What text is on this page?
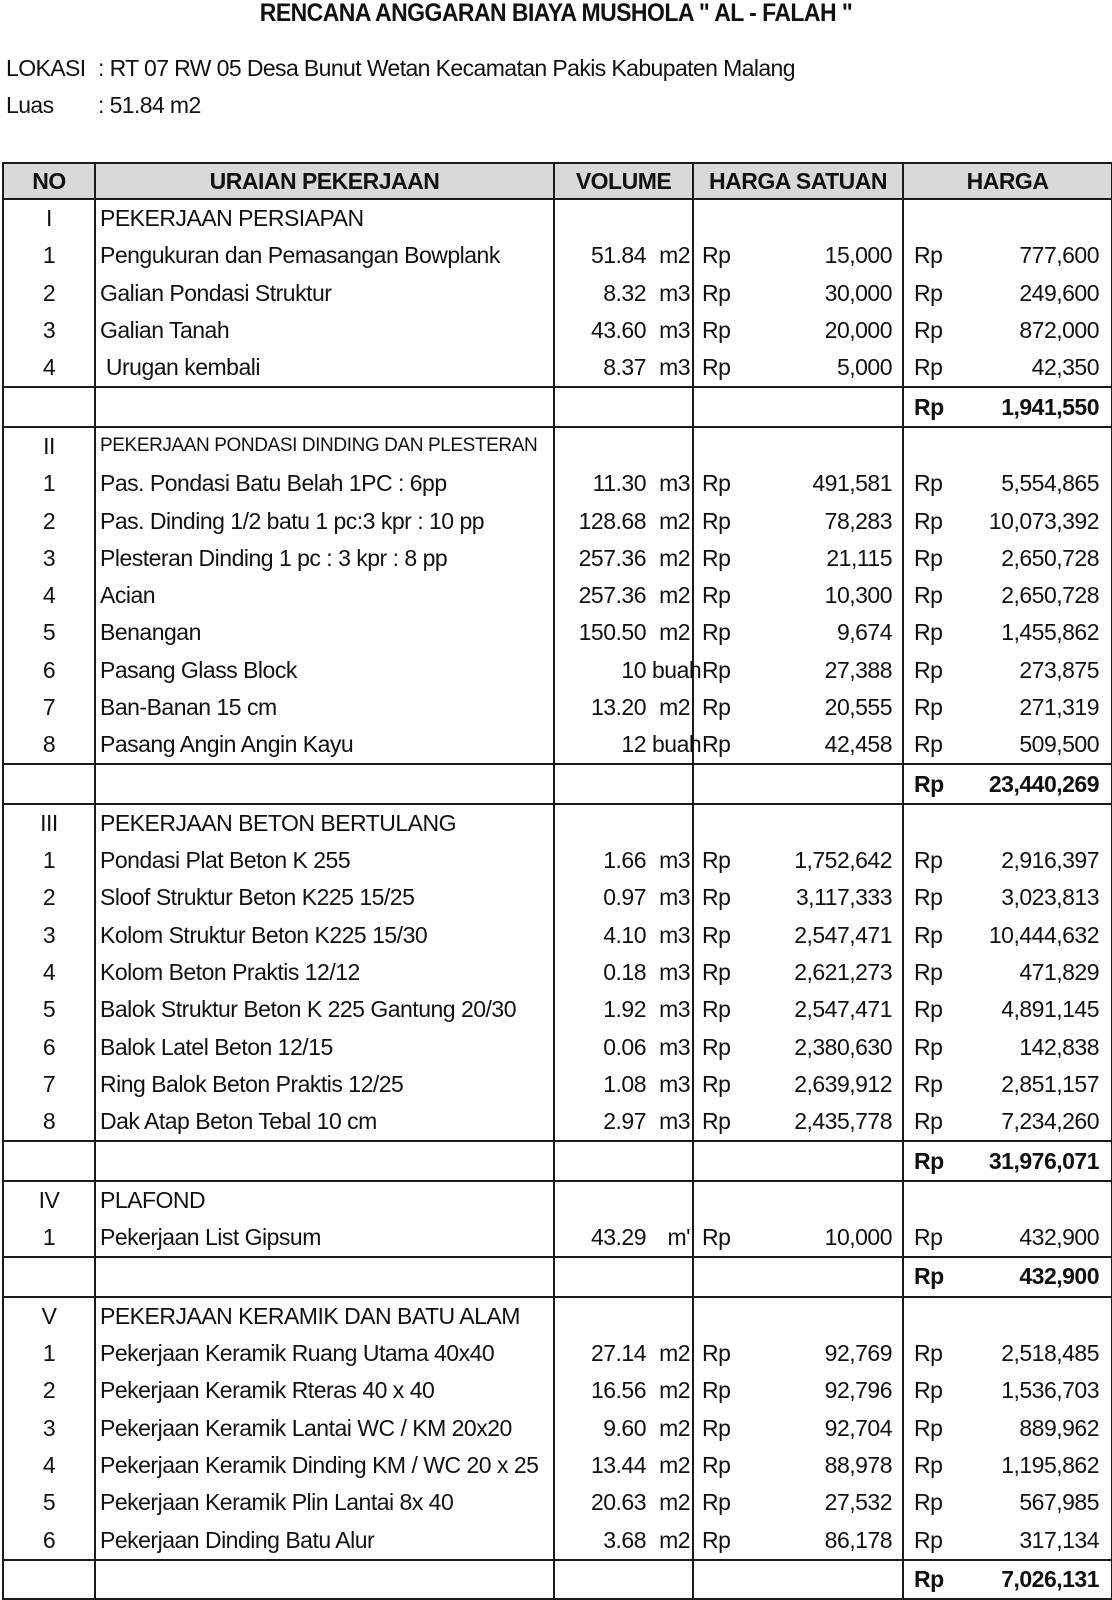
RENCANA ANGGARAN BIAYA MUSHOLA " AL - FALAH "
LOKASI : RT 07 RW 05 Desa Bunut Wetan Kecamatan Pakis Kabupaten Malang
Luas : 51.84 m2
NO	URAIAN PEKERJAAN	VOLUME		HARGA SATUAN		HARGA	
I	PEKERJAAN PERSIAPAN						
1	Pengukuran dan Pemasangan Bowplank	51.84	m2	Rp	15,000	Rp	777,600
2	Galian Pondasi Struktur	8.32	m3	Rp	30,000	Rp	249,600
3	Galian Tanah	43.60	m3	Rp	20,000	Rp	872,000
4	Urugan kembali	8.37	m3	Rp	5,000	Rp	42,350
						Rp	1,941,550
II	PEKERJAAN PONDASI DINDING DAN PLESTERAN						
1	Pas. Pondasi Batu Belah 1PC : 6pp	11.30	m3	Rp	491,581	Rp	5,554,865
2	Pas. Dinding 1/2 batu 1 pc:3 kpr : 10 pp	128.68	m2	Rp	78,283	Rp	10,073,392
3	Plesteran Dinding 1 pc : 3 kpr : 8 pp	257.36	m2	Rp	21,115	Rp	2,650,728
4	Acian	257.36	m2	Rp	10,300	Rp	2,650,728
5	Benangan	150.50	m2	Rp	9,674	Rp	1,455,862
6	Pasang Glass Block	10	buah	Rp	27,388	Rp	273,875
7	Ban-Banan 15 cm	13.20	m2	Rp	20,555	Rp	271,319
8	Pasang Angin Angin Kayu	12	buah	Rp	42,458	Rp	509,500
						Rp	23,440,269
III	PEKERJAAN BETON BERTULANG						
1	Pondasi Plat Beton K 255	1.66	m3	Rp	1,752,642	Rp	2,916,397
2	Sloof Struktur Beton K225 15/25	0.97	m3	Rp	3,117,333	Rp	3,023,813
3	Kolom Struktur Beton K225 15/30	4.10	m3	Rp	2,547,471	Rp	10,444,632
4	Kolom Beton Praktis 12/12	0.18	m3	Rp	2,621,273	Rp	471,829
5	Balok Struktur Beton K 225 Gantung 20/30	1.92	m3	Rp	2,547,471	Rp	4,891,145
6	Balok Latel Beton 12/15	0.06	m3	Rp	2,380,630	Rp	142,838
7	Ring Balok Beton Praktis 12/25	1.08	m3	Rp	2,639,912	Rp	2,851,157
8	Dak Atap Beton Tebal 10 cm	2.97	m3	Rp	2,435,778	Rp	7,234,260
						Rp	31,976,071
IV	PLAFOND						
1	Pekerjaan List Gipsum	43.29	m'	Rp	10,000	Rp	432,900
						Rp	432,900
V	PEKERJAAN KERAMIK DAN BATU ALAM						
1	Pekerjaan Keramik Ruang Utama 40x40	27.14	m2	Rp	92,769	Rp	2,518,485
2	Pekerjaan Keramik Rteras 40 x 40	16.56	m2	Rp	92,796	Rp	1,536,703
3	Pekerjaan Keramik Lantai WC / KM 20x20	9.60	m2	Rp	92,704	Rp	889,962
4	Pekerjaan Keramik Dinding KM / WC 20 x 25	13.44	m2	Rp	88,978	Rp	1,195,862
5	Pekerjaan Keramik Plin Lantai 8x 40	20.63	m2	Rp	27,532	Rp	567,985
6	Pekerjaan Dinding Batu Alur	3.68	m2	Rp	86,178	Rp	317,134
						Rp	7,026,131
